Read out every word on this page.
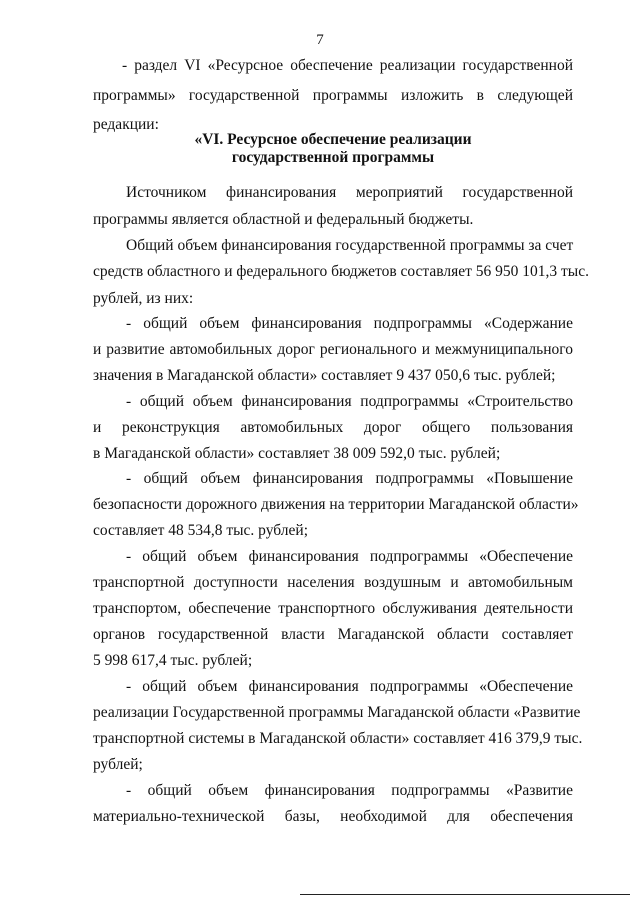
7
- раздел VI «Ресурсное обеспечение реализации государственной
программы» государственной программы изложить в следующей
редакции:
«VI. Ресурсное обеспечение реализации
государственной программы
Источником финансирования мероприятий государственной
программы является областной и федеральный бюджеты.
Общий объем финансирования государственной программы за счет
средств областного и федерального бюджетов составляет 56 950 101,3 тыс.
рублей, из них:
- общий объем финансирования подпрограммы «Содержание
и развитие автомобильных дорог регионального и межмуниципального
значения в Магаданской области» составляет 9 437 050,6 тыс. рублей;
- общий объем финансирования подпрограммы «Строительство
и реконструкция автомобильных дорог общего пользования
в Магаданской области» составляет 38 009 592,0 тыс. рублей;
- общий объем финансирования подпрограммы «Повышение
безопасности дорожного движения на территории Магаданской области»
составляет 48 534,8 тыс. рублей;
- общий объем финансирования подпрограммы «Обеспечение
транспортной доступности населения воздушным и автомобильным
транспортом, обеспечение транспортного обслуживания деятельности
органов государственной власти Магаданской области составляет
5 998 617,4 тыс. рублей;
- общий объем финансирования подпрограммы «Обеспечение
реализации Государственной программы Магаданской области «Развитие
транспортной системы в Магаданской области» составляет 416 379,9 тыс.
рублей;
- общий объем финансирования подпрограммы «Развитие
материально-технической базы, необходимой для обеспечения
